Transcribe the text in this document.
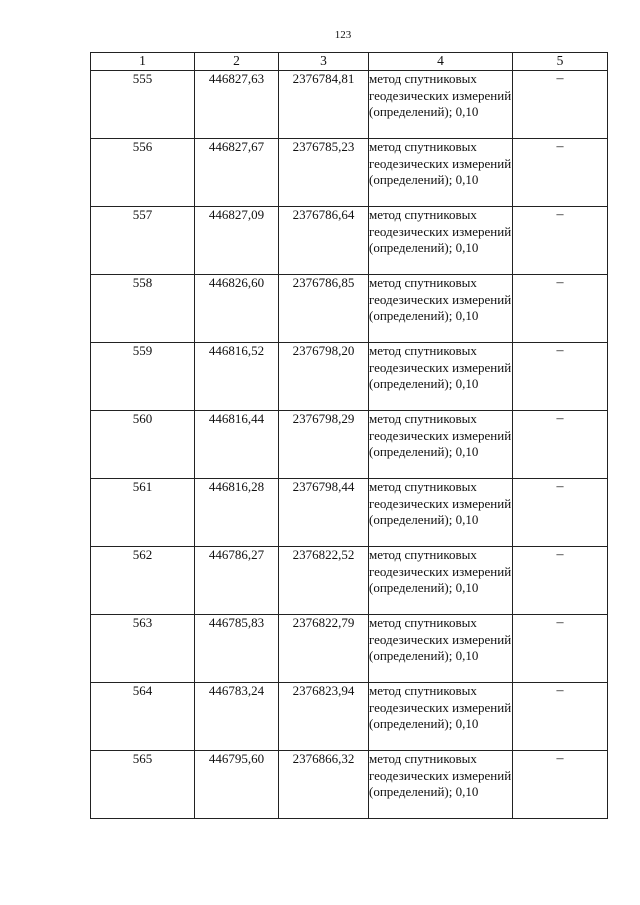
123
1	2	3	4	5
555	446827,63	2376784,81	метод спутниковых геодезических измерений (определений); 0,10	–
556	446827,67	2376785,23	метод спутниковых геодезических измерений (определений); 0,10	–
557	446827,09	2376786,64	метод спутниковых геодезических измерений (определений); 0,10	–
558	446826,60	2376786,85	метод спутниковых геодезических измерений (определений); 0,10	–
559	446816,52	2376798,20	метод спутниковых геодезических измерений (определений); 0,10	–
560	446816,44	2376798,29	метод спутниковых геодезических измерений (определений); 0,10	–
561	446816,28	2376798,44	метод спутниковых геодезических измерений (определений); 0,10	–
562	446786,27	2376822,52	метод спутниковых геодезических измерений (определений); 0,10	–
563	446785,83	2376822,79	метод спутниковых геодезических измерений (определений); 0,10	–
564	446783,24	2376823,94	метод спутниковых геодезических измерений (определений); 0,10	–
565	446795,60	2376866,32	метод спутниковых геодезических измерений (определений); 0,10	–
